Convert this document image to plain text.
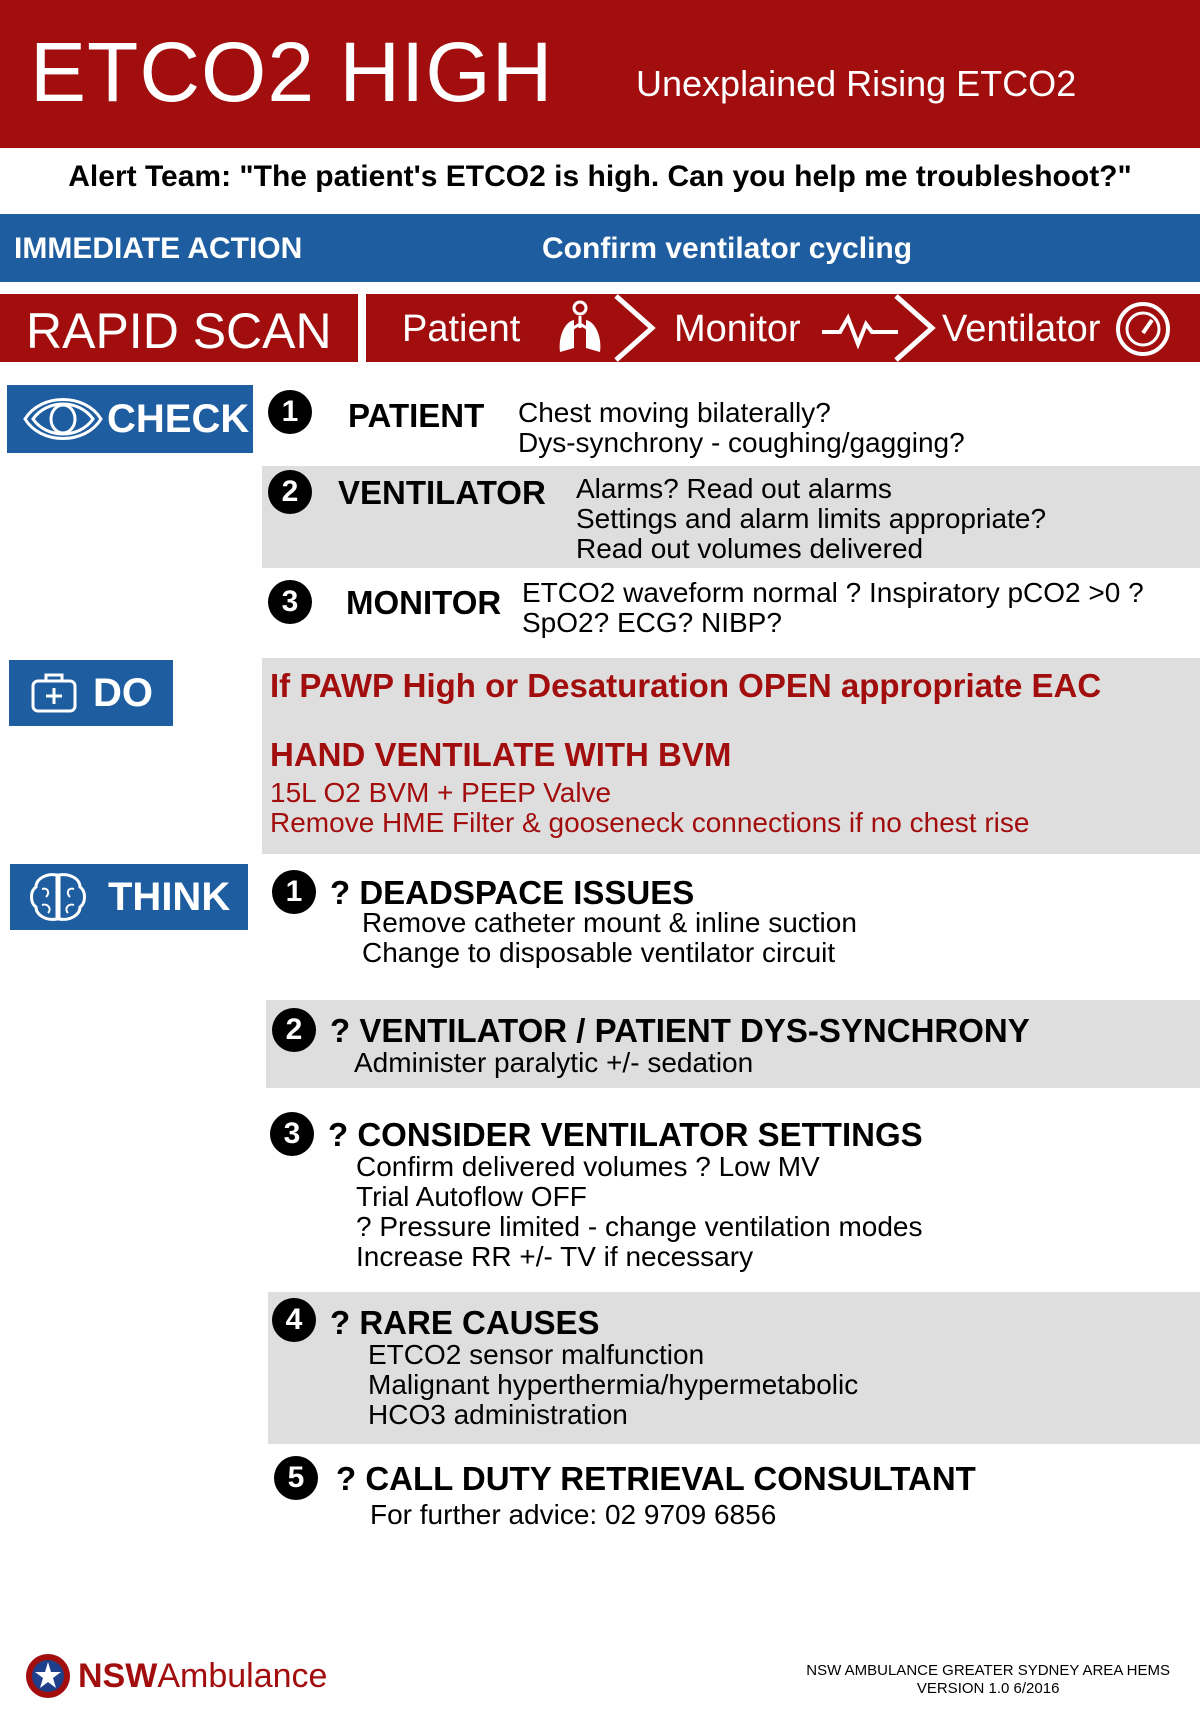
ETCO2 HIGH Unexplained Rising ETCO2
Alert Team: "The patient's ETCO2 is high. Can you help me troubleshoot?"
IMMEDIATE ACTION	Confirm ventilator cycling
RAPID SCAN Patient	Monitor	Ventilator
CHECK	1	PATIENT Chest moving bilaterally?
Dys-synchrony - coughing/gagging?
2	VENTILATOR Alarms? Read out alarms
Settings and alarm limits appropriate?
Read out volumes delivered
3	MONITOR ETCO2 waveform normal ? Inspiratory pCO2 >0 ?
SpO2? ECG? NIBP?
DO	If PAWP High or Desaturation OPEN appropriate EAC
HAND VENTILATE WITH BVM
15L O2 BVM + PEEP Valve
Remove HME Filter & gooseneck connections if no chest rise
THINK	1 ? DEADSPACE ISSUES
Remove catheter mount & inline suction
Change to disposable ventilator circuit
2 ? VENTILATOR / PATIENT DYS-SYNCHRONY
Administer paralytic +/- sedation
3 ? CONSIDER VENTILATOR SETTINGS
Confirm delivered volumes ? Low MV
Trial Autoflow OFF
? Pressure limited - change ventilation modes
Increase RR +/- TV if necessary
4 ? RARE CAUSES
ETCO2 sensor malfunction
Malignant hyperthermia/hypermetabolic
HCO3 administration
5 ? CALL DUTY RETRIEVAL CONSULTANT
For further advice: 02 9709 6856
NSWAmbulance	NSW AMBULANCE GREATER SYDNEY AREA HEMS
VERSION 1.0 6/2016
